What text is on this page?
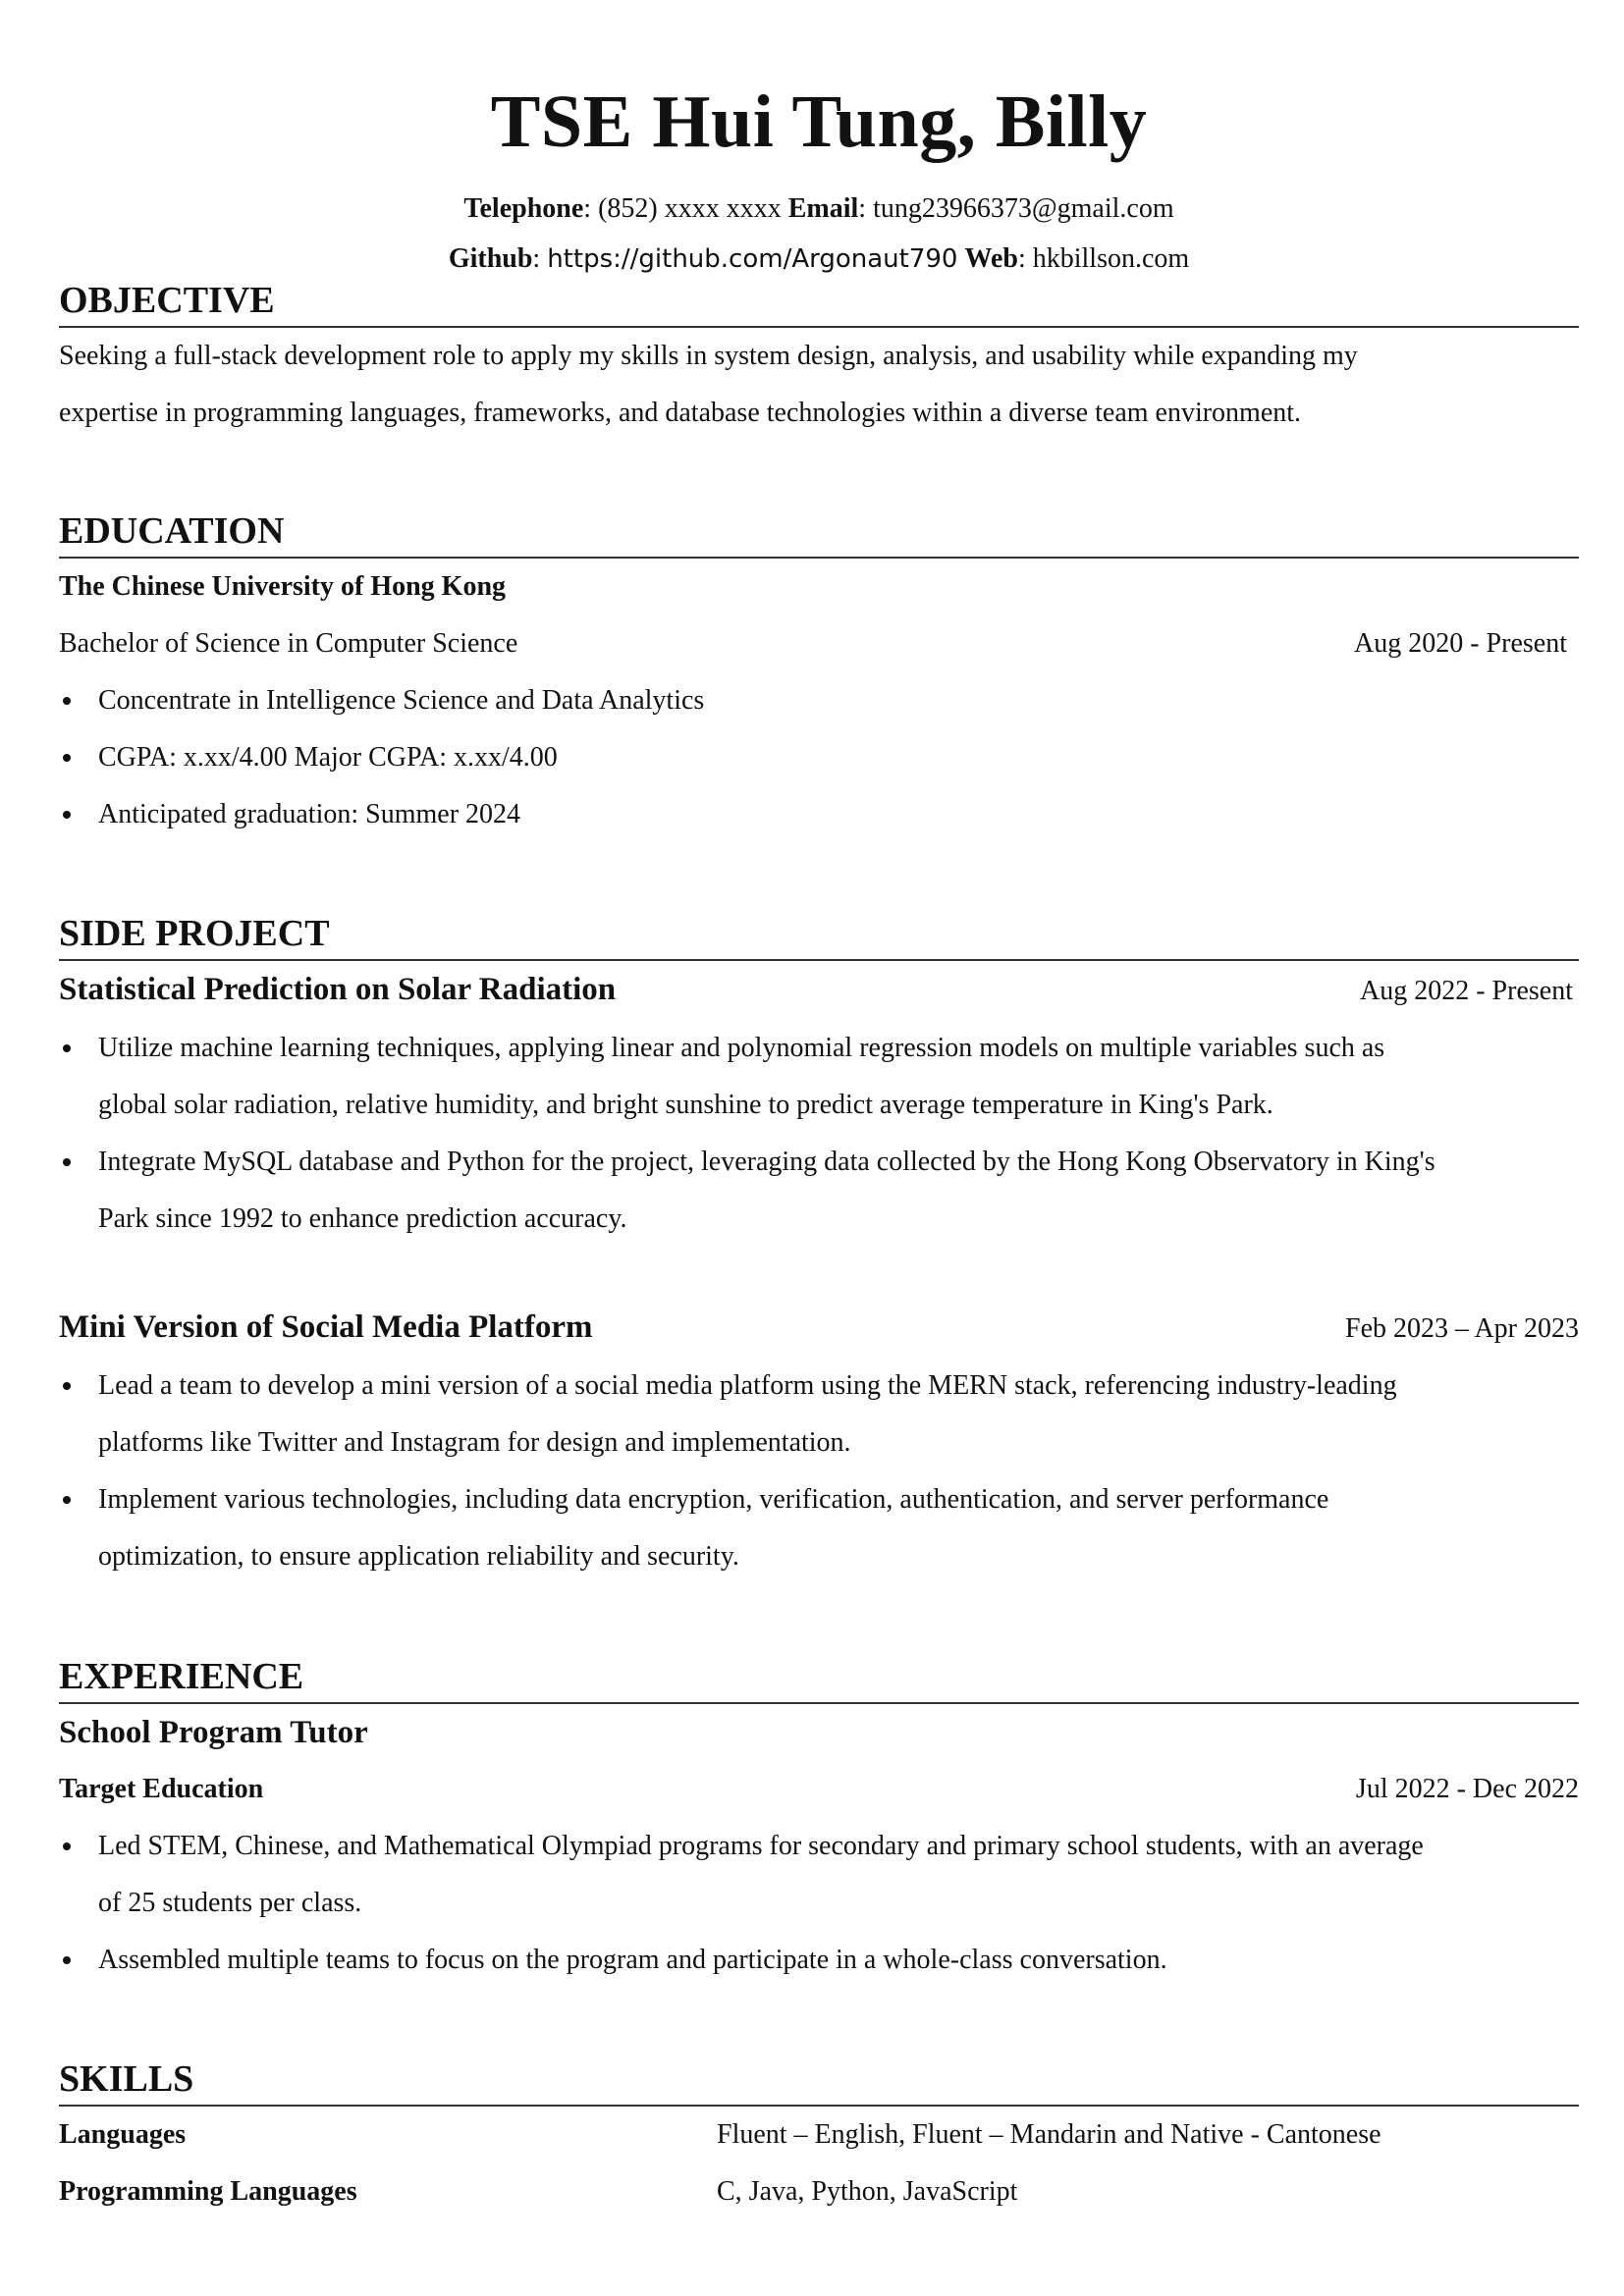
TSE Hui Tung, Billy
Telephone: (852) xxxx xxxx Email: tung23966373@gmail.com
Github: https://github.com/Argonaut790 Web: hkbillson.com
OBJECTIVE

Seeking a full-stack development role to apply my skills in system design, analysis, and usability while expanding my
expertise in programming languages, frameworks, and database technologies within a diverse team environment.

EDUCATION
The Chinese University of Hong Kong
Bachelor of Science in Computer Science	Aug 2020 - Present
Concentrate in Intelligence Science and Data Analytics
CGPA: x.xx/4.00 Major CGPA: x.xx/4.00
Anticipated graduation: Summer 2024
SIDE PROJECT
Statistical Prediction on Solar Radiation	Aug 2022 - Present
Utilize machine learning techniques, applying linear and polynomial regression models on multiple variables such as
global solar radiation, relative humidity, and bright sunshine to predict average temperature in King's Park.
Integrate MySQL database and Python for the project, leveraging data collected by the Hong Kong Observatory in King's
Park since 1992 to enhance prediction accuracy.
Mini Version of Social Media Platform	Feb 2023 – Apr 2023
Lead a team to develop a mini version of a social media platform using the MERN stack, referencing industry-leading
platforms like Twitter and Instagram for design and implementation.
Implement various technologies, including data encryption, verification, authentication, and server performance
optimization, to ensure application reliability and security.
EXPERIENCE
School Program Tutor
Target Education	Jul 2022 - Dec 2022
Led STEM, Chinese, and Mathematical Olympiad programs for secondary and primary school students, with an average
of 25 students per class.
Assembled multiple teams to focus on the program and participate in a whole-class conversation.
SKILLS
Languages	Fluent – English, Fluent – Mandarin and Native - Cantonese
Programming Languages	C, Java, Python, JavaScript
